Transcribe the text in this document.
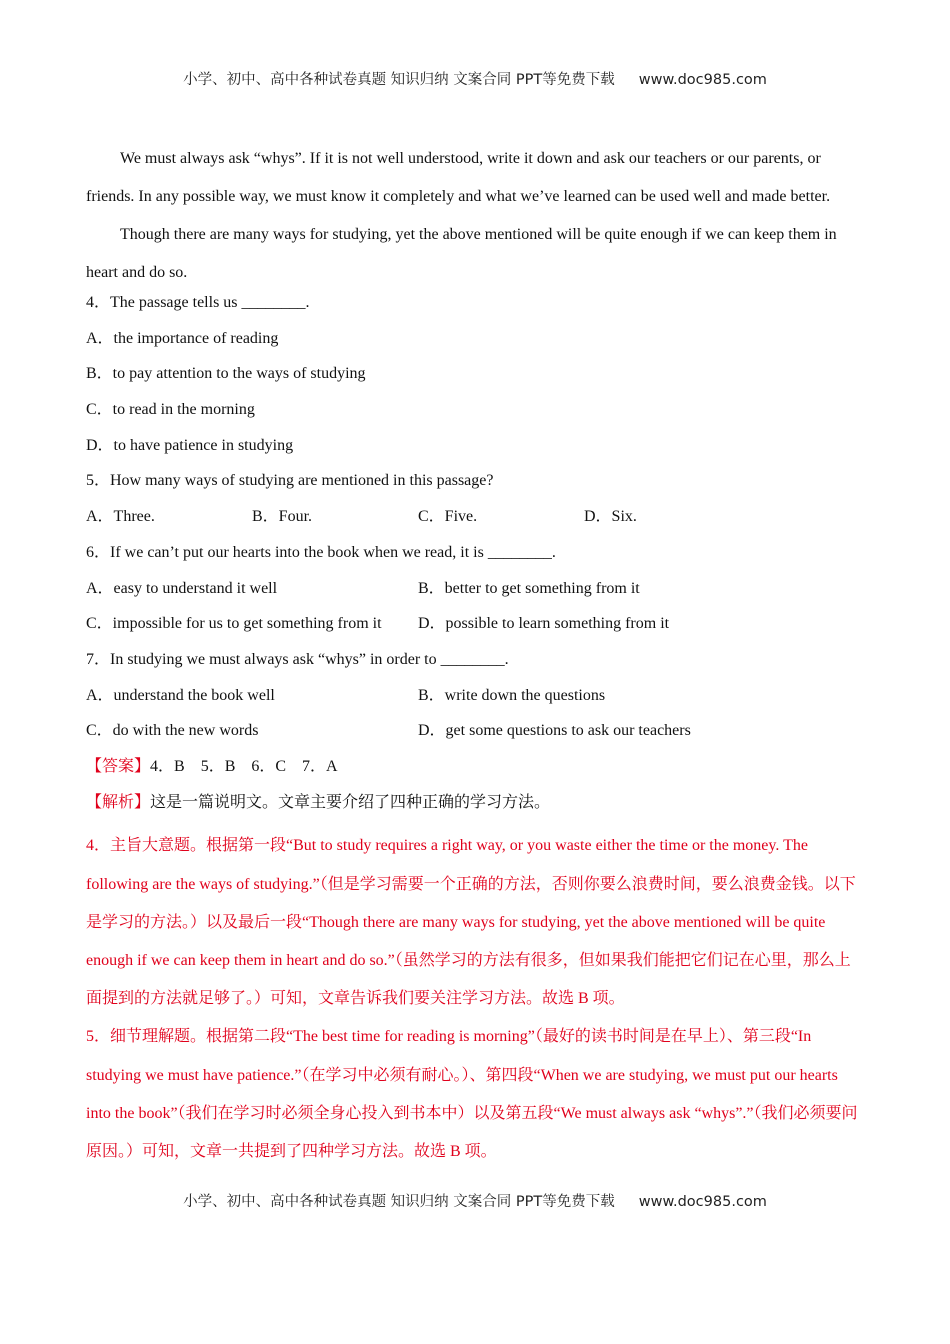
小学、初中、高中各种试卷真题 知识归纳 文案合同 PPT等免费下载 www.doc985.com

We must always ask “whys”. If it is not well understood, write it down and ask our teachers or our parents, or friends. In any possible way, we must know it completely and what we’ve learned can be used well and made better.

Though there are many ways for studying, yet the above mentioned will be quite enough if we can keep them in heart and do so.

4．The passage tells us ________.

A．the importance of reading

B．to pay attention to the ways of studying

C．to read in the morning

D．to have patience in studying

5．How many ways of studying are mentioned in this passage?

A．Three.	B．Four.	C．Five.	D．Six.

6．If we can’t put our hearts into the book when we read, it is ________.

A．easy to understand it well	B．better to get something from it
C．impossible for us to get something from it	D．possible to learn something from it

7．In studying we must always ask “whys” in order to ________.

A．understand the book well	B．write down the questions
C．do with the new words	D．get some questions to ask our teachers

【答案】4．B　5．B　6．C　7．A

【解析】这是一篇说明文。文章主要介绍了四种正确的学习方法。

4．主旨大意题。根据第一段“But to study requires a right way, or you waste either the time or the money. The following are the ways of studying.”（但是学习需要一个正确的方法，否则你要么浪费时间，要么浪费金钱。以下是学习的方法。）以及最后一段“Though there are many ways for studying, yet the above mentioned will be quite enough if we can keep them in heart and do so.”（虽然学习的方法有很多，但如果我们能把它们记在心里，那么上面提到的方法就足够了。）可知，文章告诉我们要关注学习方法。故选 B 项。

5．细节理解题。根据第二段“The best time for reading is morning”（最好的读书时间是在早上）、第三段“In studying we must have patience.”（在学习中必须有耐心。）、第四段“When we are studying, we must put our hearts into the book”（我们在学习时必须全身心投入到书本中）以及第五段“We must always ask “whys”.”（我们必须要问原因。）可知，文章一共提到了四种学习方法。故选 B 项。

小学、初中、高中各种试卷真题 知识归纳 文案合同 PPT等免费下载 www.doc985.com
